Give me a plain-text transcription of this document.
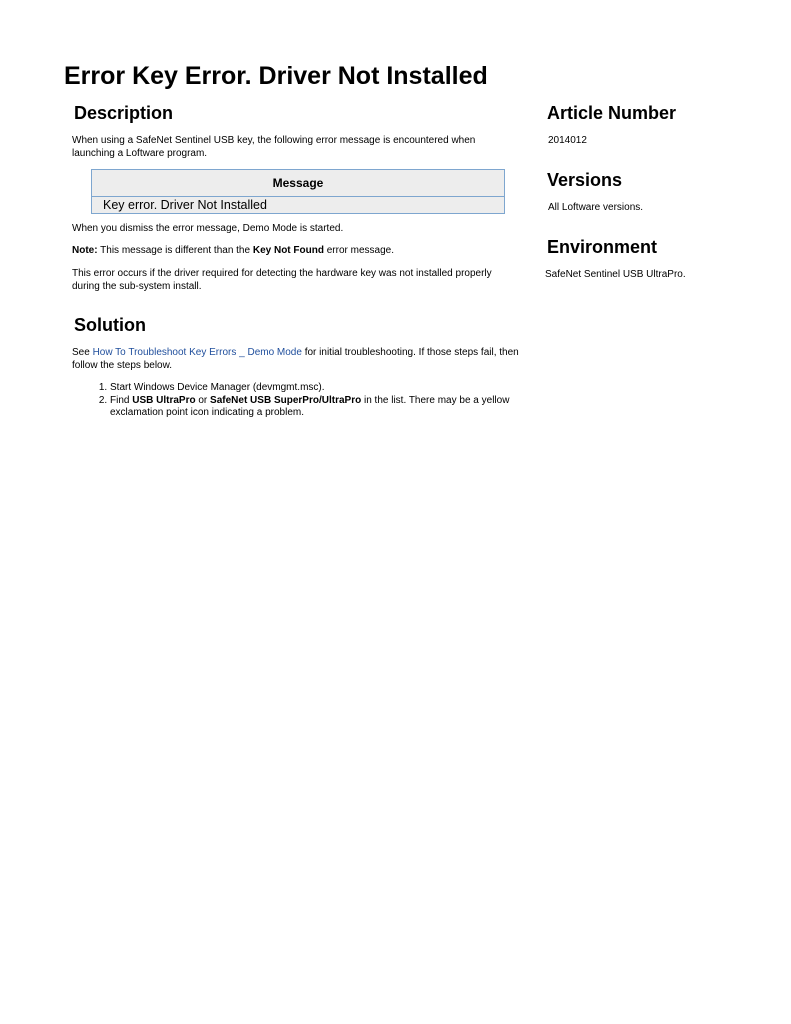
Error Key Error. Driver Not Installed
Description
When using a SafeNet Sentinel USB key, the following error message is encountered when launching a Loftware program.
Message
Key error. Driver Not Installed
When you dismiss the error message, Demo Mode is started.
Note: This message is different than the Key Not Found error message.
This error occurs if the driver required for detecting the hardware key was not installed properly during the sub-system install.
Solution
See How To Troubleshoot Key Errors _ Demo Mode for initial troubleshooting. If those steps fail, then follow the steps below.
1. Start Windows Device Manager (devmgmt.msc).
2. Find USB UltraPro or SafeNet USB SuperPro/UltraPro in the list. There may be a yellow exclamation point icon indicating a problem.
Article Number
2014012
Versions
All Loftware versions.
Environment
SafeNet Sentinel USB UltraPro.
